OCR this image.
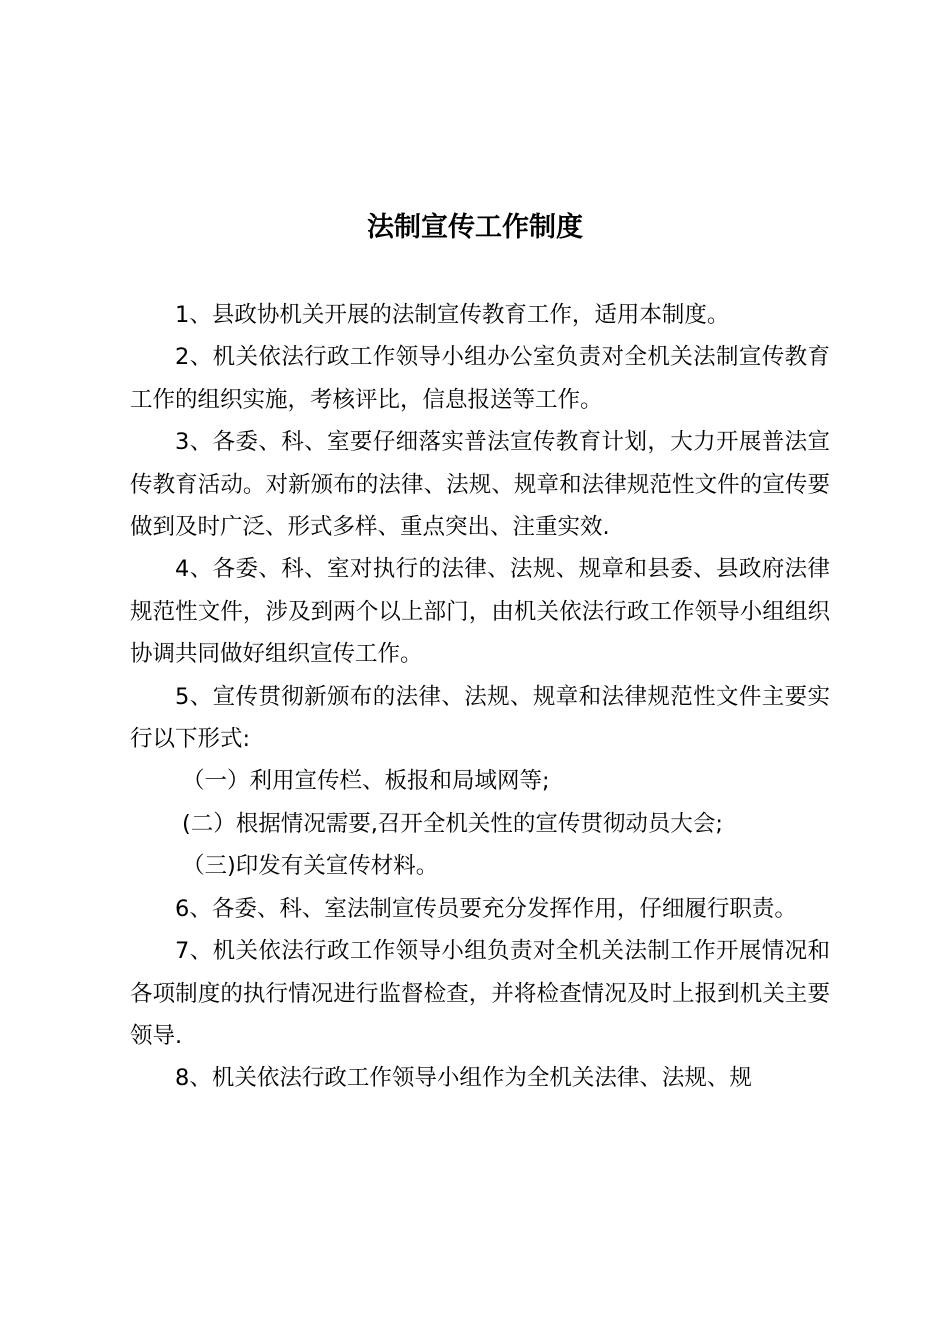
法制宣传工作制度

1、县政协机关开展的法制宣传教育工作，适用本制度。

2、机关依法行政工作领导小组办公室负责对全机关法制宣传教育工作的组织实施，考核评比，信息报送等工作。

3、各委、科、室要仔细落实普法宣传教育计划，大力开展普法宣传教育活动。对新颁布的法律、法规、规章和法律规范性文件的宣传要做到及时广泛、形式多样、重点突出、注重实效.

4、各委、科、室对执行的法律、法规、规章和县委、县政府法律规范性文件，涉及到两个以上部门，由机关依法行政工作领导小组组织协调共同做好组织宣传工作。

5、宣传贯彻新颁布的法律、法规、规章和法律规范性文件主要实行以下形式:

（一）利用宣传栏、板报和局域网等;

(二）根据情况需要,召开全机关性的宣传贯彻动员大会;

（三)印发有关宣传材料。

6、各委、科、室法制宣传员要充分发挥作用，仔细履行职责。

7、机关依法行政工作领导小组负责对全机关法制工作开展情况和各项制度的执行情况进行监督检查，并将检查情况及时上报到机关主要领导.

8、机关依法行政工作领导小组作为全机关法律、法规、规
